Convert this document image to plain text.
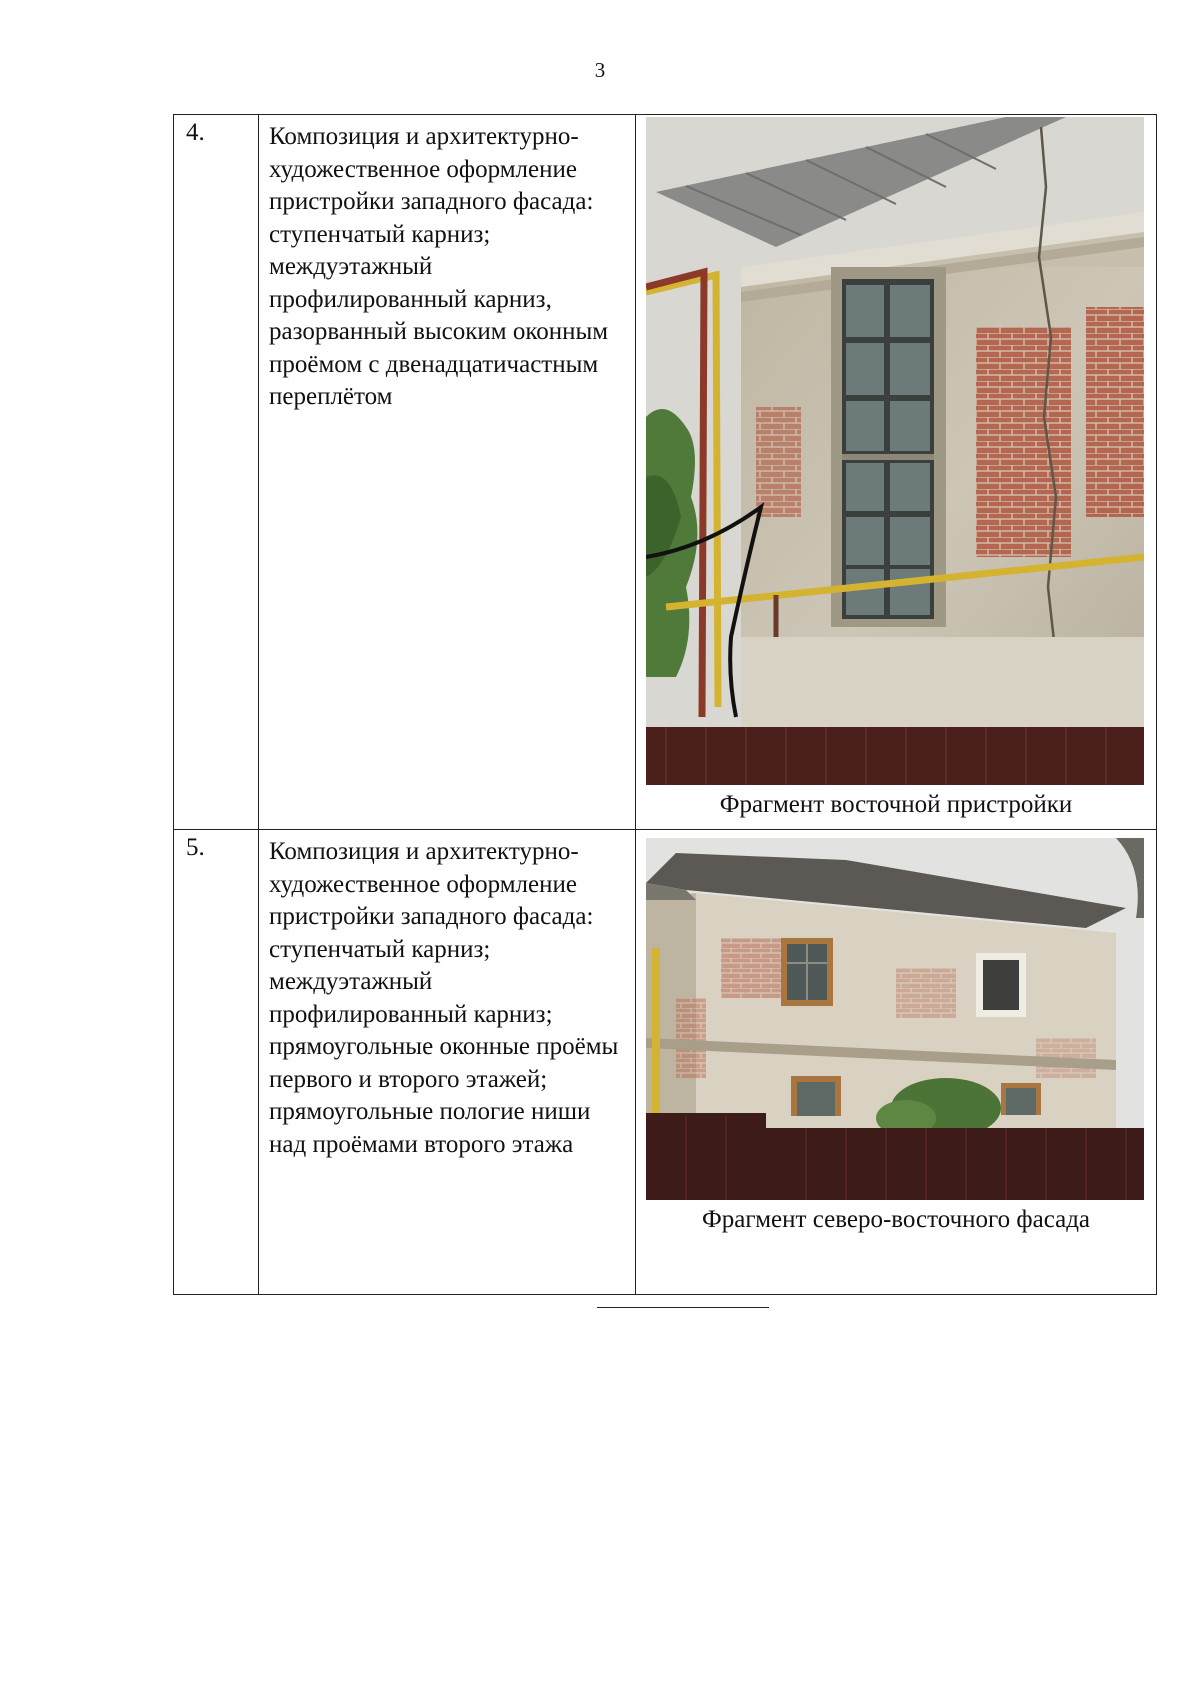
3
4.	Композиция и архитектурно-художественное оформление пристройки западного фасада: ступенчатый карниз; междуэтажный профилированный карниз, разорванный высоким оконным проёмом с двенадцатичастным переплётом	Фрагмент восточной пристройки

5.	Композиция и архитектурно-художественное оформление пристройки западного фасада: ступенчатый карниз; междуэтажный профилированный карниз; прямоугольные оконные проёмы первого и второго этажей; прямоугольные пологие ниши над проёмами второго этажа	Фрагмент северо-восточного фасада
